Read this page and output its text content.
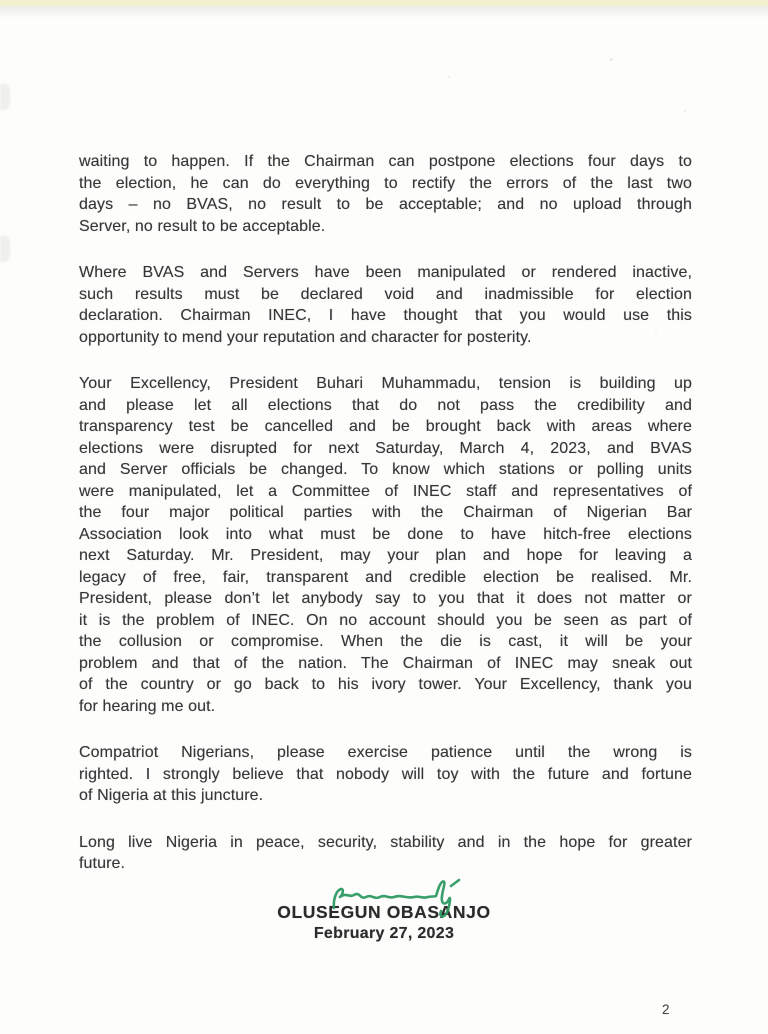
waiting to happen. If the Chairman can postpone elections four days to
the election, he can do everything to rectify the errors of the last two
days – no BVAS, no result to be acceptable; and no upload through
Server, no result to be acceptable.
Where BVAS and Servers have been manipulated or rendered inactive,
such results must be declared void and inadmissible for election
declaration. Chairman INEC, I have thought that you would use this
opportunity to mend your reputation and character for posterity.
Your Excellency, President Buhari Muhammadu, tension is building up
and please let all elections that do not pass the credibility and
transparency test be cancelled and be brought back with areas where
elections were disrupted for next Saturday, March 4, 2023, and BVAS
and Server officials be changed. To know which stations or polling units
were manipulated, let a Committee of INEC staff and representatives of
the four major political parties with the Chairman of Nigerian Bar
Association look into what must be done to have hitch-free elections
next Saturday. Mr. President, may your plan and hope for leaving a
legacy of free, fair, transparent and credible election be realised. Mr.
President, please don’t let anybody say to you that it does not matter or
it is the problem of INEC. On no account should you be seen as part of
the collusion or compromise. When the die is cast, it will be your
problem and that of the nation. The Chairman of INEC may sneak out
of the country or go back to his ivory tower. Your Excellency, thank you
for hearing me out.
Compatriot Nigerians, please exercise patience until the wrong is
righted. I strongly believe that nobody will toy with the future and fortune
of Nigeria at this juncture.
Long live Nigeria in peace, security, stability and in the hope for greater
future.
OLUSEGUN OBASANJO
February 27, 2023
2
